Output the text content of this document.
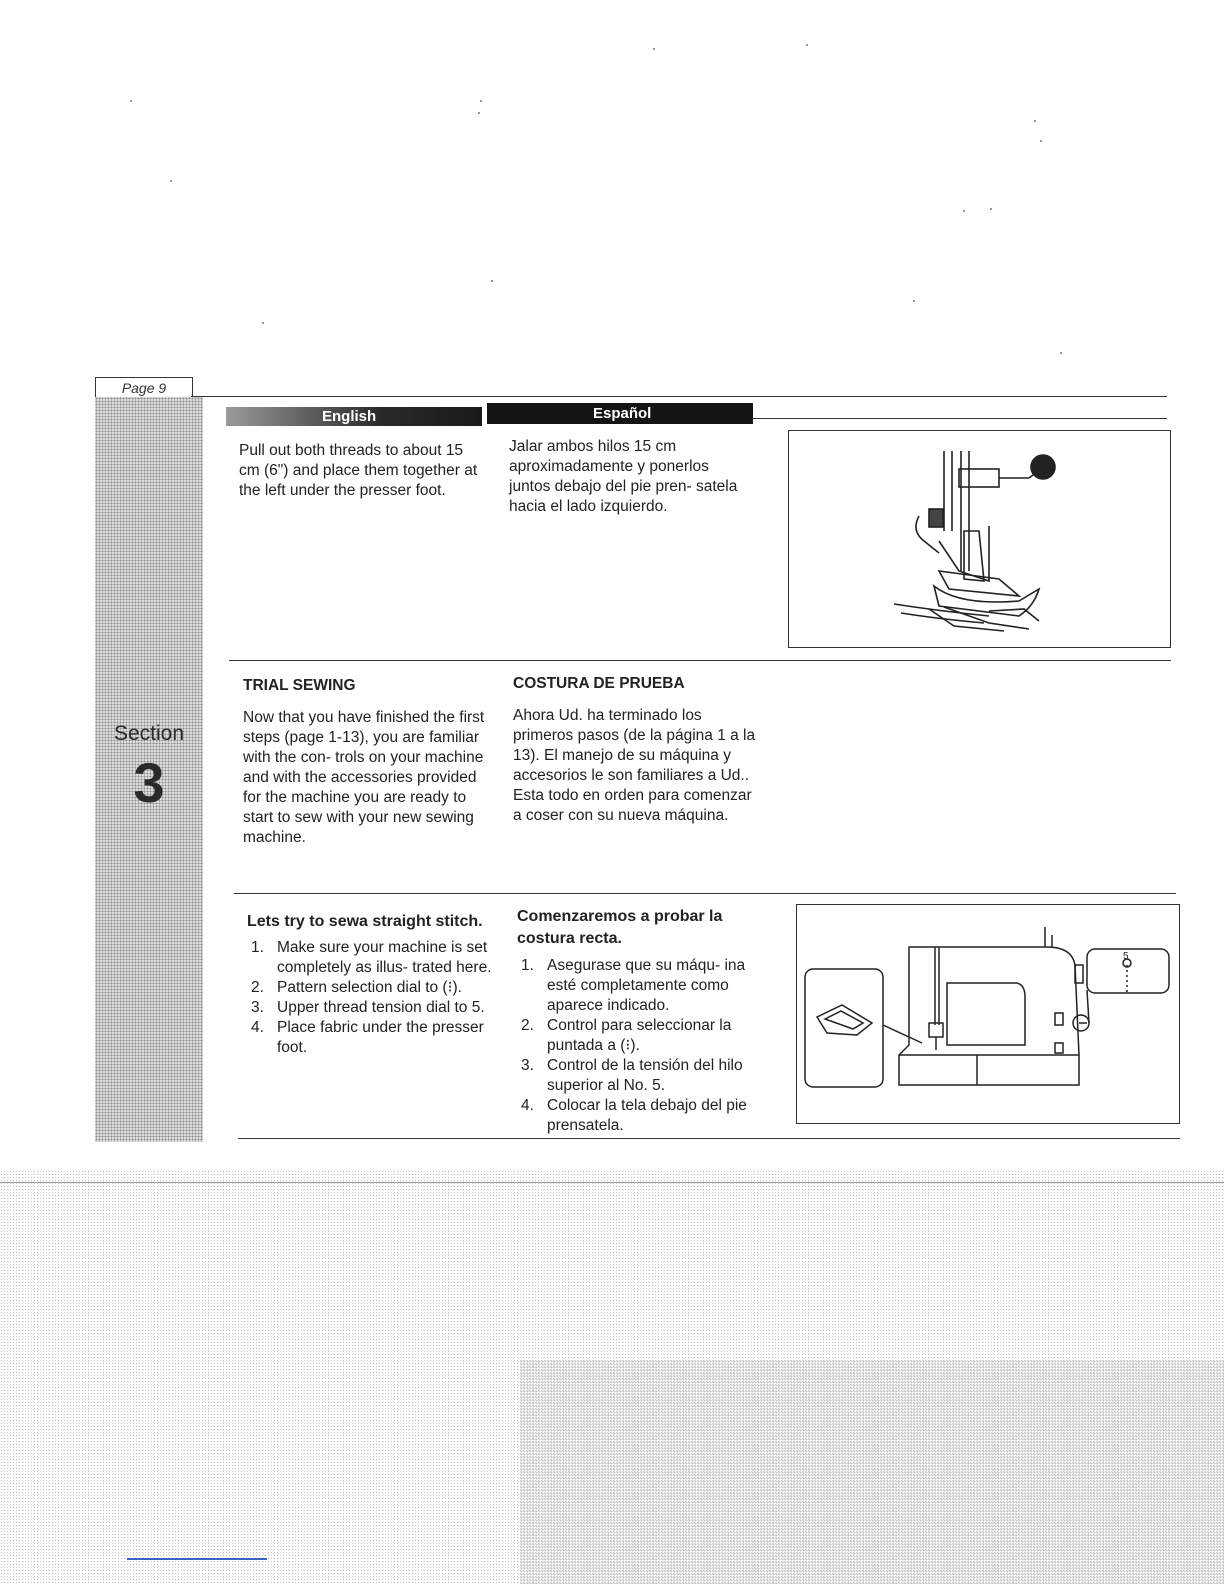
Page 9
Section
3
English	Español

Pull out both threads to about 15 cm (6") and place them together at the left under the presser foot.

Jalar ambos hilos 15 cm aproximadamente y ponerlos juntos debajo del pie pren- satela hacia el lado izquierdo.

TRIAL SEWING

Now that you have finished the first steps (page 1-13), you are familiar with the con- trols on your machine and with the accessories provided for the machine you are ready to start to sew with your new sewing machine.

COSTURA DE PRUEBA

Ahora Ud. ha terminado los primeros pasos (de la página 1 a la 13). El manejo de su máquina y accesorios le son familiares a Ud.. Esta todo en orden para comenzar a coser con su nueva máquina.

Lets try to sewa straight stitch.

1. Make sure your machine is set completely as illus- trated here.
2. Pattern selection dial to (⁝).
3. Upper thread tension dial to 5.
4. Place fabric under the presser foot.

Comenzaremos a probar la costura recta.

1. Asegurase que su máqu- ina esté completamente como aparece indicado.
2. Control para seleccionar la puntada a (⁝).
3. Control de la tensión del hilo superior al No. 5.
4. Colocar la tela debajo del pie prensatela.
5
